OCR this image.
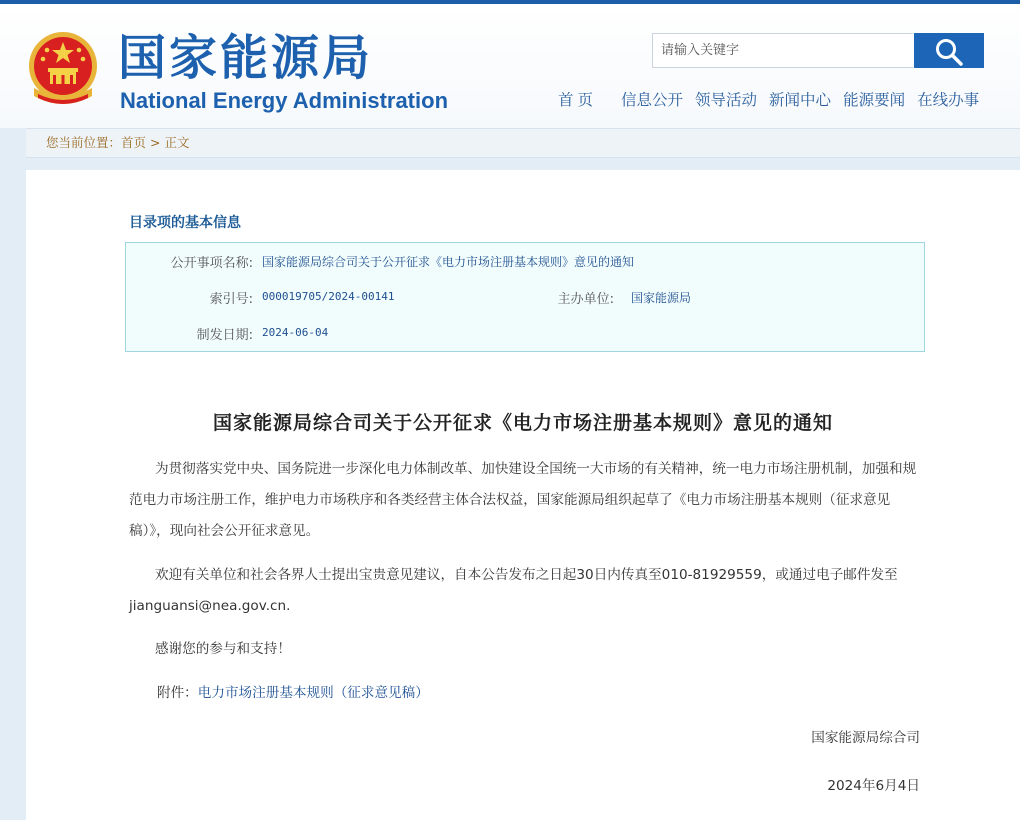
国家能源局
National Energy Administration
请输入关键字	首页 信息公开 领导活动 新闻中心 能源要闻 在线办事
您当前位置：首页 > 正文
目录项的基本信息
公开事项名称: 国家能源局综合司关于公开征求《电力市场注册基本规则》意见的通知
索引号: 000019705/2024-00141	主办单位: 国家能源局
制发日期: 2024-06-04
国家能源局综合司关于公开征求《电力市场注册基本规则》意见的通知

为贯彻落实党中央、国务院进一步深化电力体制改革、加快建设全国统一大市场的有关精神，统一电力市场注册机制，加强和规范电力市场注册工作，维护电力市场秩序和各类经营主体合法权益，国家能源局组织起草了《电力市场注册基本规则（征求意见稿）》，现向社会公开征求意见。

欢迎有关单位和社会各界人士提出宝贵意见建议，自本公告发布之日起30日内传真至010-81929559，或通过电子邮件发至jianguansi@nea.gov.cn.

感谢您的参与和支持！

附件：电力市场注册基本规则（征求意见稿）
国家能源局综合司
2024年6月4日
